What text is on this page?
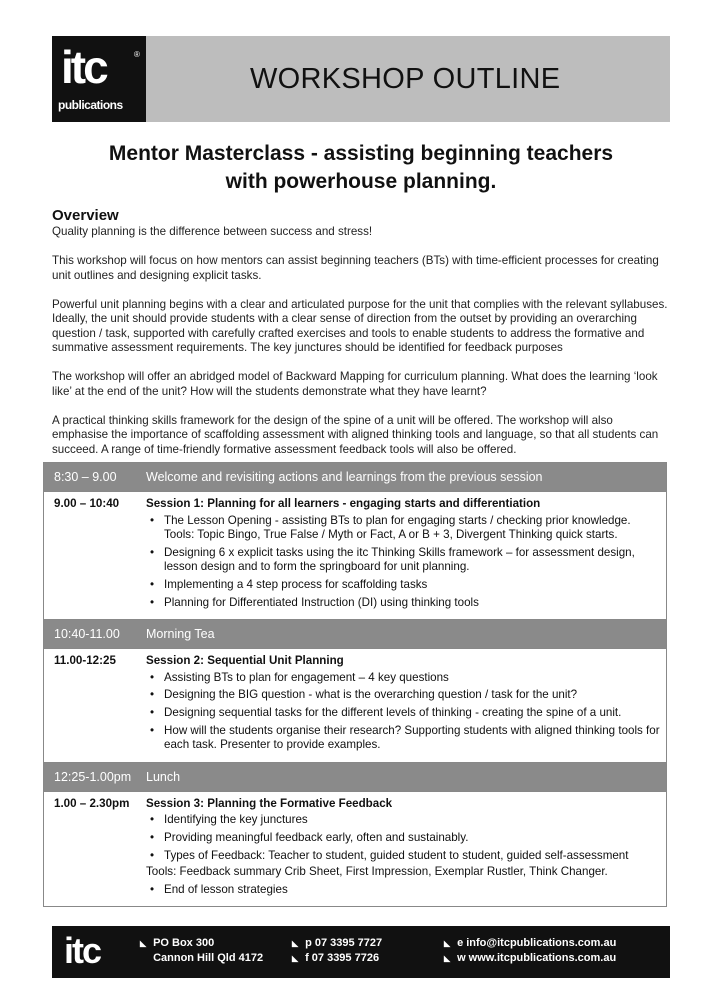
itc	®
publications
WORKSHOP OUTLINE
Mentor Masterclass - assisting beginning teachers
with powerhouse planning.
Overview

Quality planning is the difference between success and stress!

This workshop will focus on how mentors can assist beginning teachers (BTs) with time-efficient processes for creating unit outlines and designing explicit tasks.

Powerful unit planning begins with a clear and articulated purpose for the unit that complies with the relevant syllabuses. Ideally, the unit should provide students with a clear sense of direction from the outset by providing an overarching question / task, supported with carefully crafted exercises and tools to enable students to address the formative and summative assessment requirements. The key junctures should be identified for feedback purposes

The workshop will offer an abridged model of Backward Mapping for curriculum planning. What does the learning ‘look like’ at the end of the unit? How will the students demonstrate what they have learnt?

A practical thinking skills framework for the design of the spine of a unit will be offered. The workshop will also emphasise the importance of scaffolding assessment with aligned thinking tools and language, so that all students can succeed. A range of time-friendly formative assessment feedback tools will also be offered.

8:30 – 9.00	Welcome and revisiting actions and learnings from the previous session
9.00 – 10:40	Session 1: Planning for all learners - engaging starts and differentiation
• The Lesson Opening - assisting BTs to plan for engaging starts / checking prior knowledge.
Tools: Topic Bingo, True False / Myth or Fact, A or B + 3, Divergent Thinking quick starts.
• Designing 6 x explicit tasks using the itc Thinking Skills framework – for assessment design, lesson design and to form the springboard for unit planning.
• Implementing a 4 step process for scaffolding tasks
• Planning for Differentiated Instruction (DI) using thinking tools
10:40-11.00	Morning Tea
11.00-12:25	Session 2: Sequential Unit Planning
• Assisting BTs to plan for engagement – 4 key questions
• Designing the BIG question - what is the overarching question / task for the unit?
• Designing sequential tasks for the different levels of thinking - creating the spine of a unit.
• How will the students organise their research? Supporting students with aligned thinking tools for each task. Presenter to provide examples.
12:25-1.00pm	Lunch
1.00 – 2.30pm	Session 3: Planning the Formative Feedback
• Identifying the key junctures
• Providing meaningful feedback early, often and sustainably.
• Types of Feedback: Teacher to student, guided student to student, guided self-assessment
Tools: Feedback summary Crib Sheet, First Impression, Exemplar Rustler, Think Changer.
• End of lesson strategies
itc	◣ PO Box 300
Cannon Hill Qld 4172
◣ p 07 3395 7727
◣ f 07 3395 7726
◣ e info@itcpublications.com.au
◣ w www.itcpublications.com.au
